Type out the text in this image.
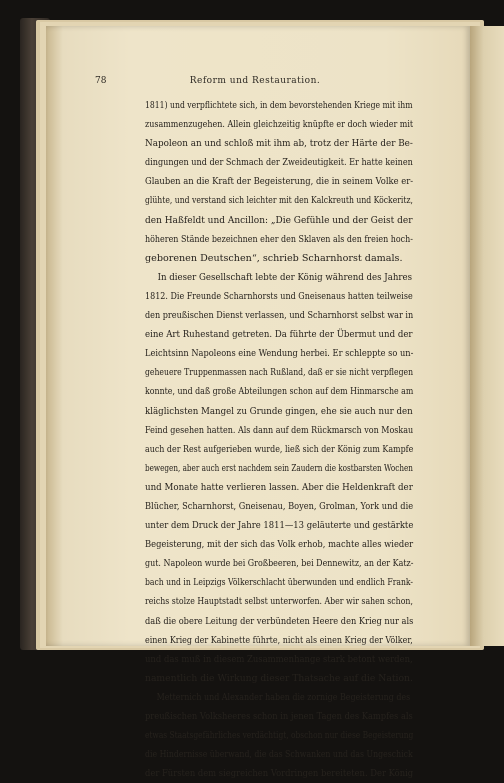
78	Reform und Restauration.
1811) und verpflichtete sich, in dem bevorstehenden Kriege mit ihm
zusammenzugehen. Allein gleichzeitig knüpfte er doch wieder mit
Napoleon an und schloß mit ihm ab, trotz der Härte der Be-
dingungen und der Schmach der Zweideutigkeit. Er hatte keinen
Glauben an die Kraft der Begeisterung, die in seinem Volke er-
glühte, und verstand sich leichter mit den Kalckreuth und Köckeritz,
den Haßfeldt und Ancillon: „Die Gefühle und der Geist der
höheren Stände bezeichnen eher den Sklaven als den freien hoch-
geborenen Deutschen“, schrieb Scharnhorst damals.
In dieser Gesellschaft lebte der König während des Jahres
1812. Die Freunde Scharnhorsts und Gneisenaus hatten teilweise
den preußischen Dienst verlassen, und Scharnhorst selbst war in
eine Art Ruhestand getreten. Da führte der Übermut und der
Leichtsinn Napoleons eine Wendung herbei. Er schleppte so un-
geheuere Truppenmassen nach Rußland, daß er sie nicht verpflegen
konnte, und daß große Abteilungen schon auf dem Hinmarsche am
kläglichsten Mangel zu Grunde gingen, ehe sie auch nur den
Feind gesehen hatten. Als dann auf dem Rückmarsch von Moskau
auch der Rest aufgerieben wurde, ließ sich der König zum Kampfe
bewegen, aber auch erst nachdem sein Zaudern die kostbarsten Wochen
und Monate hatte verlieren lassen. Aber die Heldenkraft der
Blücher, Scharnhorst, Gneisenau, Boyen, Grolman, York und die
unter dem Druck der Jahre 1811—13 geläuterte und gestärkte
Begeisterung, mit der sich das Volk erhob, machte alles wieder
gut. Napoleon wurde bei Großbeeren, bei Dennewitz, an der Katz-
bach und in Leipzigs Völkerschlacht überwunden und endlich Frank-
reichs stolze Hauptstadt selbst unterworfen. Aber wir sahen schon,
daß die obere Leitung der verbündeten Heere den Krieg nur als
einen Krieg der Kabinette führte, nicht als einen Krieg der Völker,
und das muß in diesem Zusammenhange stark betont werden,
namentlich die Wirkung dieser Thatsache auf die Nation.
Metternich und Alexander haben die zornige Begeisterung des
preußischen Volksheeres schon in jenen Tagen des Kampfes als
etwas Staatsgefährliches verdächtigt, obschon nur diese Begeisterung
die Hindernisse überwand, die das Schwanken und das Ungeschick
der Fürsten dem siegreichen Vordringen bereiteten. Der König
